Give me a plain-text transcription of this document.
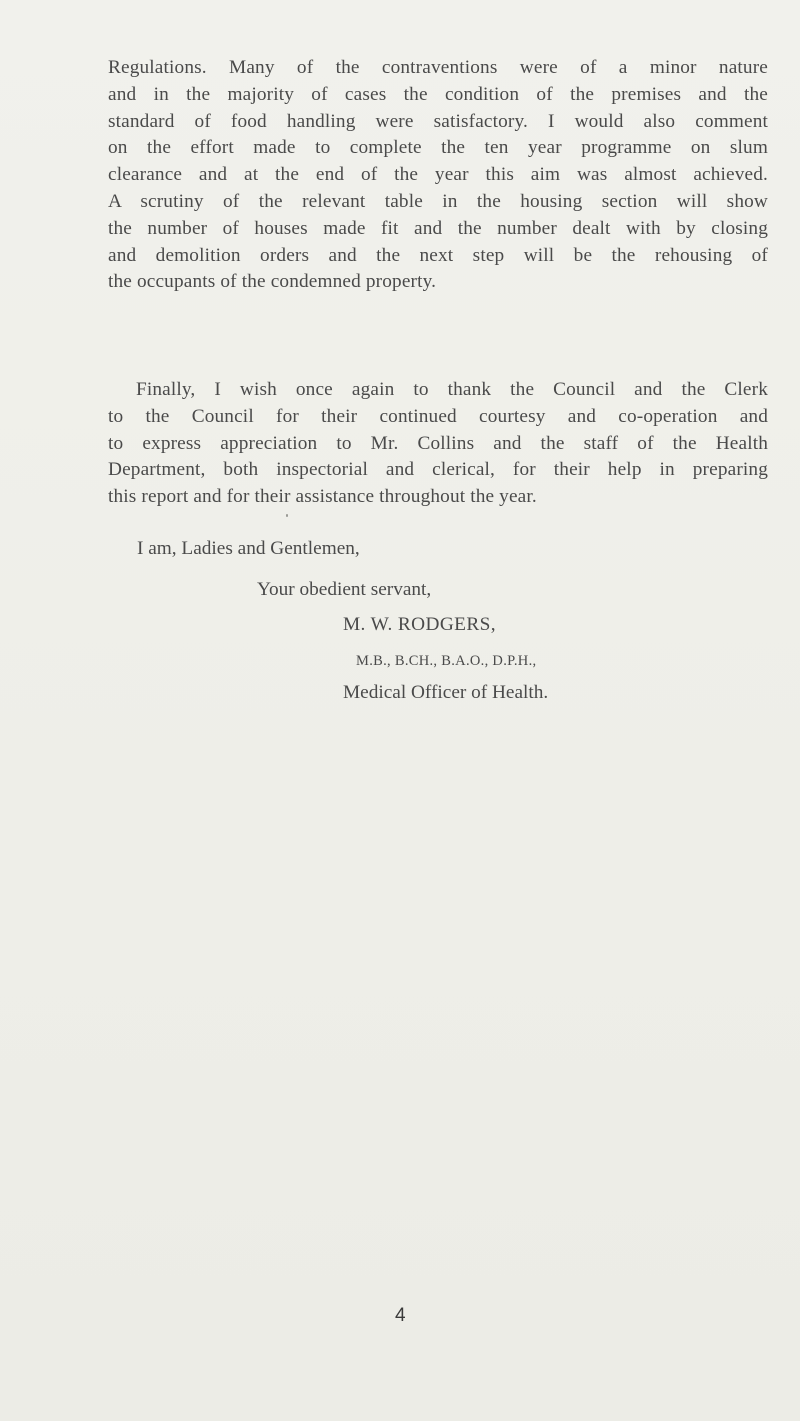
Regulations. Many of the contraventions were of a minor nature
and in the majority of cases the condition of the premises and the
standard of food handling were satisfactory. I would also comment
on the effort made to complete the ten year programme on slum
clearance and at the end of the year this aim was almost achieved.
A scrutiny of the relevant table in the housing section will show
the number of houses made fit and the number dealt with by closing
and demolition orders and the next step will be the rehousing of
the occupants of the condemned property.
Finally, I wish once again to thank the Council and the Clerk
to the Council for their continued courtesy and co-operation and
to express appreciation to Mr. Collins and the staff of the Health
Department, both inspectorial and clerical, for their help in preparing
this report and for their assistance throughout the year.
I am, Ladies and Gentlemen,
Your obedient servant,
M. W. RODGERS,
M.B., B.CH., B.A.O., D.P.H.,
Medical Officer of Health.
4
